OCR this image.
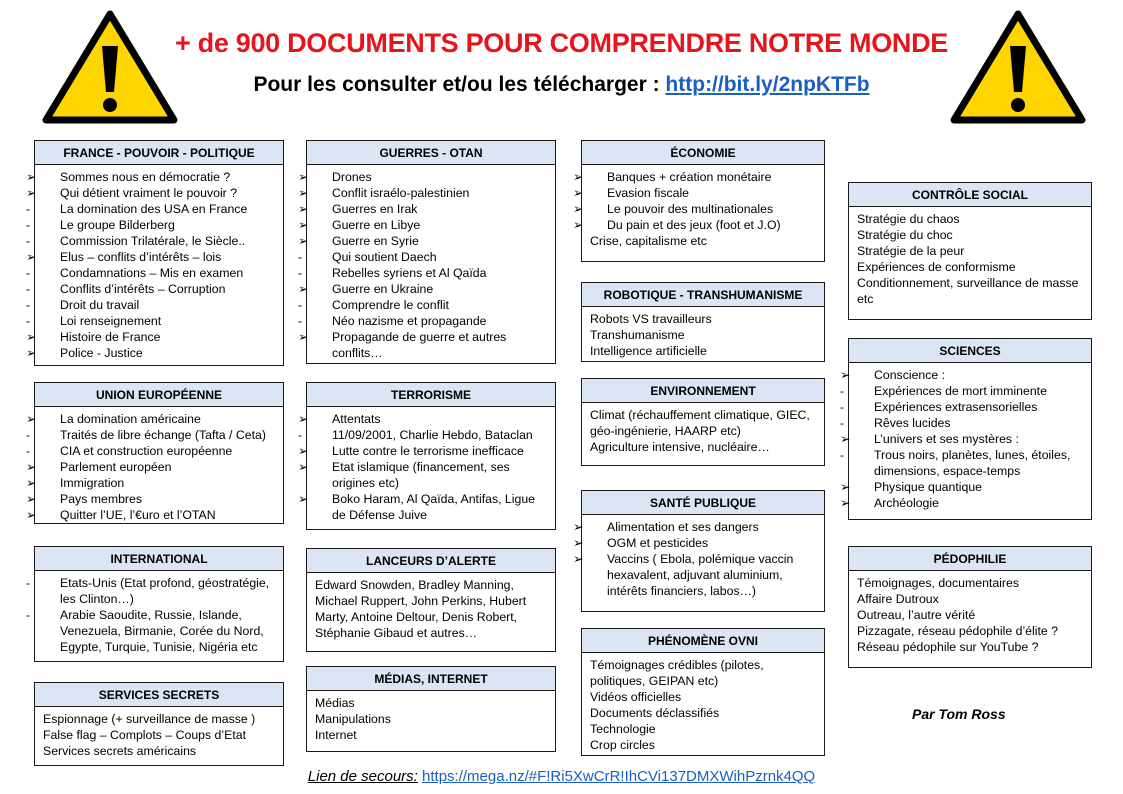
+ de 900 DOCUMENTS POUR COMPRENDRE NOTRE MONDE
Pour les consulter et/ou les télécharger : http://bit.ly/2npKTFb
FRANCE - POUVOIR - POLITIQUE
➢ Sommes nous en démocratie ?
➢ Qui détient vraiment le pouvoir ?
- La domination des USA en France
- Le groupe Bilderberg
- Commission Trilatérale, le Siècle..
➢ Elus – conflits d’intérêts – lois
- Condamnations – Mis en examen
- Conflits d’intérêts – Corruption
- Droit du travail
- Loi renseignement
➢ Histoire de France
➢ Police - Justice
UNION EUROPÉENNE
➢ La domination américaine
- Traités de libre échange (Tafta / Ceta)
- CIA et construction européenne
➢ Parlement européen
➢ Immigration
➢ Pays membres
➢ Quitter l’UE, l’€uro et l’OTAN
INTERNATIONAL
- Etats-Unis (Etat profond, géostratégie, les Clinton…)
- Arabie Saoudite, Russie, Islande, Venezuela, Birmanie, Corée du Nord, Egypte, Turquie, Tunisie, Nigéria etc
SERVICES SECRETS
Espionnage (+ surveillance de masse )
False flag – Complots – Coups d’Etat
Services secrets américains
GUERRES - OTAN
➢ Drones
➢ Conflit israélo-palestinien
➢ Guerres en Irak
➢ Guerre en Libye
➢ Guerre en Syrie
- Qui soutient Daech
- Rebelles syriens et Al Qaïda
➢ Guerre en Ukraine
- Comprendre le conflit
- Néo nazisme et propagande
➢ Propagande de guerre et autres conflits…
TERRORISME
➢ Attentats
- 11/09/2001, Charlie Hebdo, Bataclan
➢ Lutte contre le terrorisme inefficace
➢ Etat islamique (financement, ses origines etc)
➢ Boko Haram, Al Qaïda, Antifas, Ligue de Défense Juive
LANCEURS D’ALERTE
Edward Snowden, Bradley Manning, Michael Ruppert, John Perkins, Hubert Marty, Antoine Deltour, Denis Robert, Stéphanie Gibaud et autres…
MÉDIAS, INTERNET
Médias
Manipulations
Internet
ÉCONOMIE
➢ Banques + création monétaire
➢ Evasion fiscale
➢ Le pouvoir des multinationales
➢ Du pain et des jeux (foot et J.O)
Crise, capitalisme etc
ROBOTIQUE - TRANSHUMANISME
Robots VS travailleurs
Transhumanisme
Intelligence artificielle
ENVIRONNEMENT
Climat (réchauffement climatique, GIEC, géo-ingénierie, HAARP etc)
Agriculture intensive, nucléaire…
SANTÉ PUBLIQUE
➢ Alimentation et ses dangers
➢ OGM et pesticides
➢ Vaccins ( Ebola, polémique vaccin hexavalent, adjuvant aluminium, intérêts financiers, labos…)
PHÉNOMÈNE OVNI
Témoignages crédibles (pilotes, politiques, GEIPAN etc)
Vidéos officielles
Documents déclassifiés
Technologie
Crop circles
CONTRÔLE SOCIAL
Stratégie du chaos
Stratégie du choc
Stratégie de la peur
Expériences de conformisme
Conditionnement, surveillance de masse etc
SCIENCES
➢ Conscience :
- Expériences de mort imminente
- Expériences extrasensorielles
- Rêves lucides
➢ L’univers et ses mystères :
- Trous noirs, planètes, lunes, étoiles, dimensions, espace-temps
➢ Physique quantique
➢ Archéologie
PÉDOPHILIE
Témoignages, documentaires
Affaire Dutroux
Outreau, l’autre vérité
Pizzagate, réseau pédophile d’élite ?
Réseau pédophile sur YouTube ?
Par Tom Ross
Lien de secours: https://mega.nz/#F!Ri5XwCrR!IhCVi137DMXWihPzrnk4QQ
